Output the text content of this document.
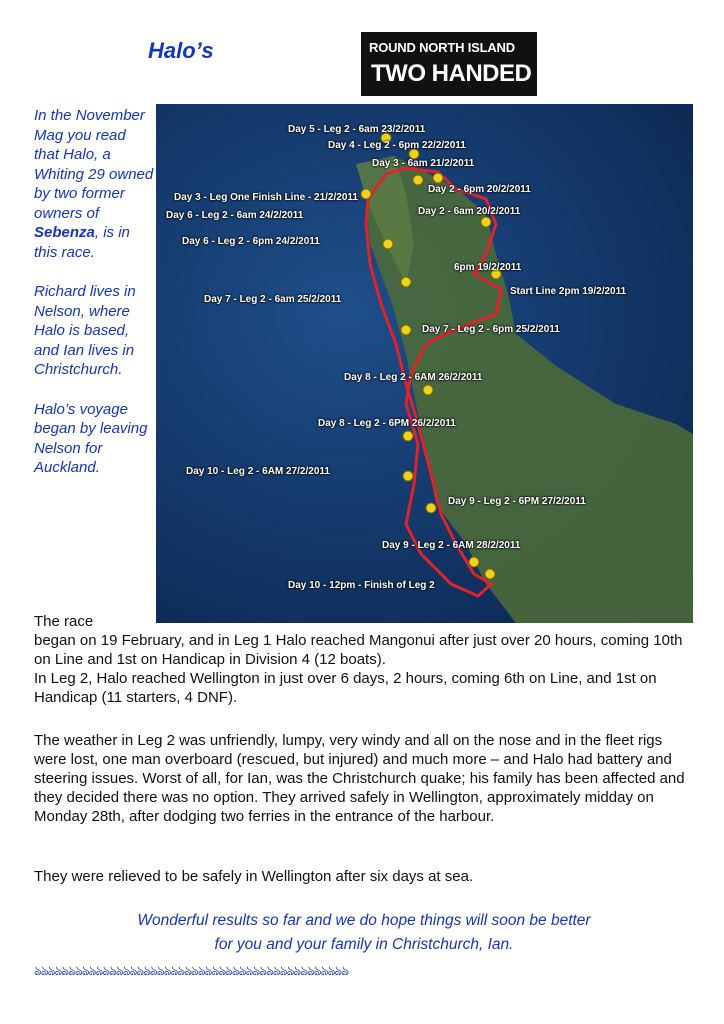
Halo’s	ROUND NORTH ISLAND
TWO HANDED

In the November Mag you read that Halo, a Whiting 29 owned by two former owners of Sebenza, is in this race.

Richard lives in Nelson, where Halo is based, and Ian lives in Christchurch.

Halo’s voyage began by leaving Nelson for Auckland.

Day 5 - Leg 2 - 6am 23/2/2011
Day 4 - Leg 2 - 6pm 22/2/2011
Day 3 - 6am 21/2/2011
Day 2 - 6pm 20/2/2011
Day 3 - Leg One Finish Line - 21/2/2011
Day 2 - 6am 20/2/2011
Day 6 - Leg 2 - 6am 24/2/2011
Day 6 - Leg 2 - 6pm 24/2/2011
6pm 19/2/2011
Start Line 2pm 19/2/2011
Day 7 - Leg 2 - 6am 25/2/2011
Day 7 - Leg 2 - 6pm 25/2/2011
Day 8 - Leg 2 - 6AM 26/2/2011
Day 8 - Leg 2 - 6PM 26/2/2011
Day 10 - Leg 2 - 6AM 27/2/2011
Day 9 - Leg 2 - 6PM 27/2/2011
Day 9 - Leg 2 - 6AM 28/2/2011
Day 10 - 12pm - Finish of Leg 2
The race
began on 19 February, and in Leg 1 Halo reached Mangonui after just over 20 hours, coming 10th on Line and 1st on Handicap in Division 4 (12 boats).
In Leg 2, Halo reached Wellington in just over 6 days, 2 hours, coming 6th on Line, and 1st on Handicap (11 starters, 4 DNF).
The weather in Leg 2 was unfriendly, lumpy, very windy and all on the nose and in the fleet rigs were lost, one man overboard (rescued, but injured) and much more – and Halo had battery and steering issues. Worst of all, for Ian, was the Christchurch quake; his family has been affected and they decided there was no option. They arrived safely in Wellington, approximately midday on Monday 28th, after dodging two ferries in the entrance of the harbour.
They were relieved to be safely in Wellington after six days at sea.
Wonderful results so far and we do hope things will soon be better
for you and your family in Christchurch, Ian.
ঌঌঌঌঌঌঌঌঌঌঌঌঌঌঌঌঌঌঌঌঌঌঌঌঌঌঌঌঌঌঌঌঌঌঌঌঌঌঌঌঌঌঌঌঌঌ
